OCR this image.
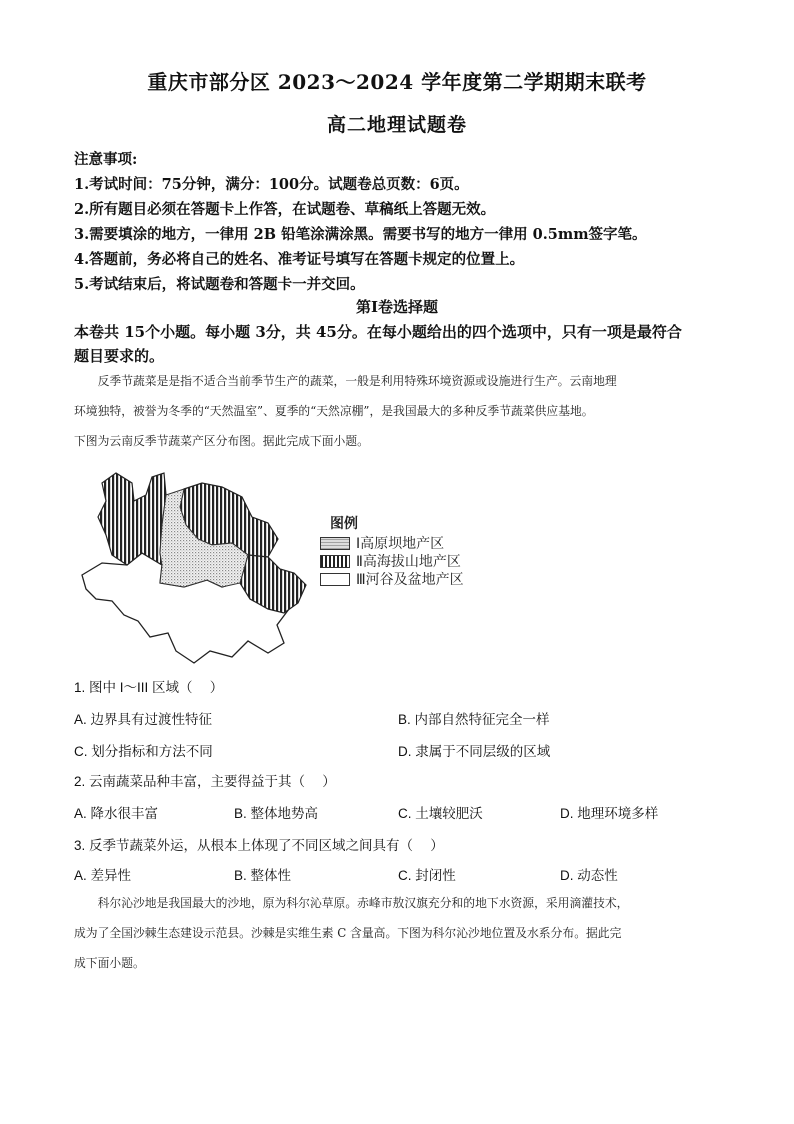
重庆市部分区 2023～2024 学年度第二学期期末联考
高二地理试题卷
注意事项:
1.考试时间：75分钟，满分：100分。试题卷总页数：6页。
2.所有题目必须在答题卡上作答，在试题卷、草稿纸上答题无效。
3.需要填涂的地方，一律用 2B 铅笔涂满涂黑。需要书写的地方一律用 0.5mm签字笔。
4.答题前，务必将自己的姓名、准考证号填写在答题卡规定的位置上。
5.考试结束后，将试题卷和答题卡一并交回。
第Ⅰ卷选择题
本卷共 15个小题。每小题 3分，共 45分。在每小题给出的四个选项中，只有一项是最符合
题目要求的。
　　反季节蔬菜是是指不适合当前季节生产的蔬菜，一般是利用特殊环境资源或设施进行生产。云南地理
环境独特，被誉为冬季的“天然温室”、夏季的“天然凉棚”，是我国最大的多种反季节蔬菜供应基地。
下图为云南反季节蔬菜产区分布图。据此完成下面小题。
图例
Ⅰ高原坝地产区
Ⅱ高海拔山地产区
Ⅲ河谷及盆地产区
1. 图中 I～III 区域（　 ）
A. 边界具有过渡性特征	B. 内部自然特征完全一样
C. 划分指标和方法不同	D. 隶属于不同层级的区域
2. 云南蔬菜品种丰富，主要得益于其（　 ）
A. 降水很丰富	B. 整体地势高	C. 土壤较肥沃	D. 地理环境多样
3. 反季节蔬菜外运，从根本上体现了不同区域之间具有（　 ）
A. 差异性	B. 整体性	C. 封闭性	D. 动态性
　　科尔沁沙地是我国最大的沙地，原为科尔沁草原。赤峰市敖汉旗充分和的地下水资源，采用滴灌技术，
成为了全国沙棘生态建设示范县。沙棘是实维生素 C 含量高。下图为科尔沁沙地位置及水系分布。据此完
成下面小题。
